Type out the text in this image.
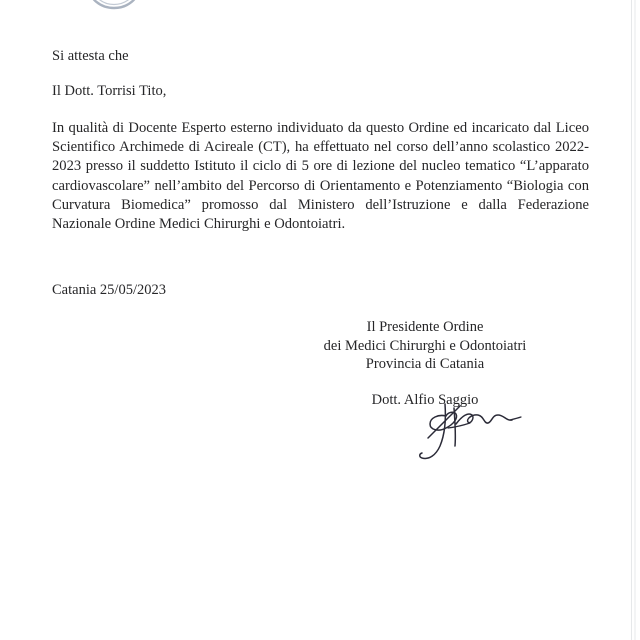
Si attesta che
Il Dott. Torrisi Tito,
In qualità di Docente Esperto esterno individuato da questo Ordine ed incaricato dal Liceo Scientifico Archimede di Acireale (CT), ha effettuato nel corso dell’anno scolastico 2022-2023 presso il suddetto Istituto il ciclo di 5 ore di lezione del nucleo tematico “L’apparato cardiovascolare” nell’ambito del Percorso di Orientamento e Potenziamento “Biologia con Curvatura Biomedica” promosso dal Ministero dell’Istruzione e dalla Federazione Nazionale Ordine Medici Chirurghi e Odontoiatri.
Catania 25/05/2023
Il Presidente Ordine
dei Medici Chirurghi e Odontoiatri
Provincia di Catania
Dott. Alfio Saggio
